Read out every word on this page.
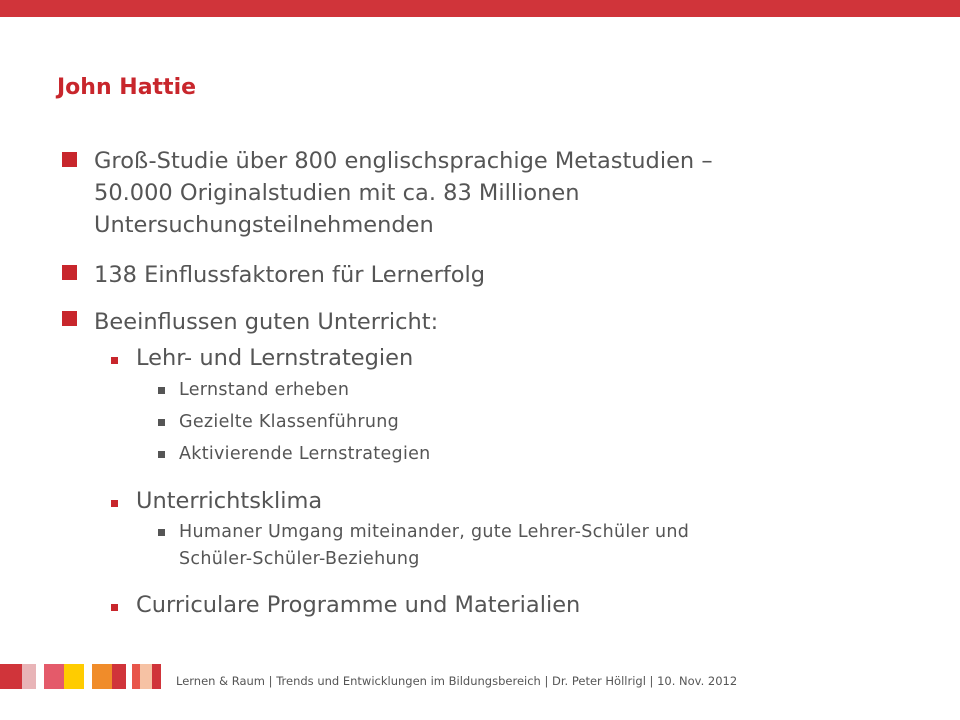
John Hattie
Groß-Studie über 800 englischsprachige Metastudien –
50.000 Originalstudien mit ca. 83 Millionen
Untersuchungsteilnehmenden
138 Einflussfaktoren für Lernerfolg
Beeinflussen guten Unterricht:
Lehr- und Lernstrategien
Lernstand erheben
Gezielte Klassenführung
Aktivierende Lernstrategien
Unterrichtsklima
Humaner Umgang miteinander, gute Lehrer-Schüler und
Schüler-Schüler-Beziehung
Curriculare Programme und Materialien
Lernen & Raum | Trends und Entwicklungen im Bildungsbereich | Dr. Peter Höllrigl | 10. Nov. 2012
